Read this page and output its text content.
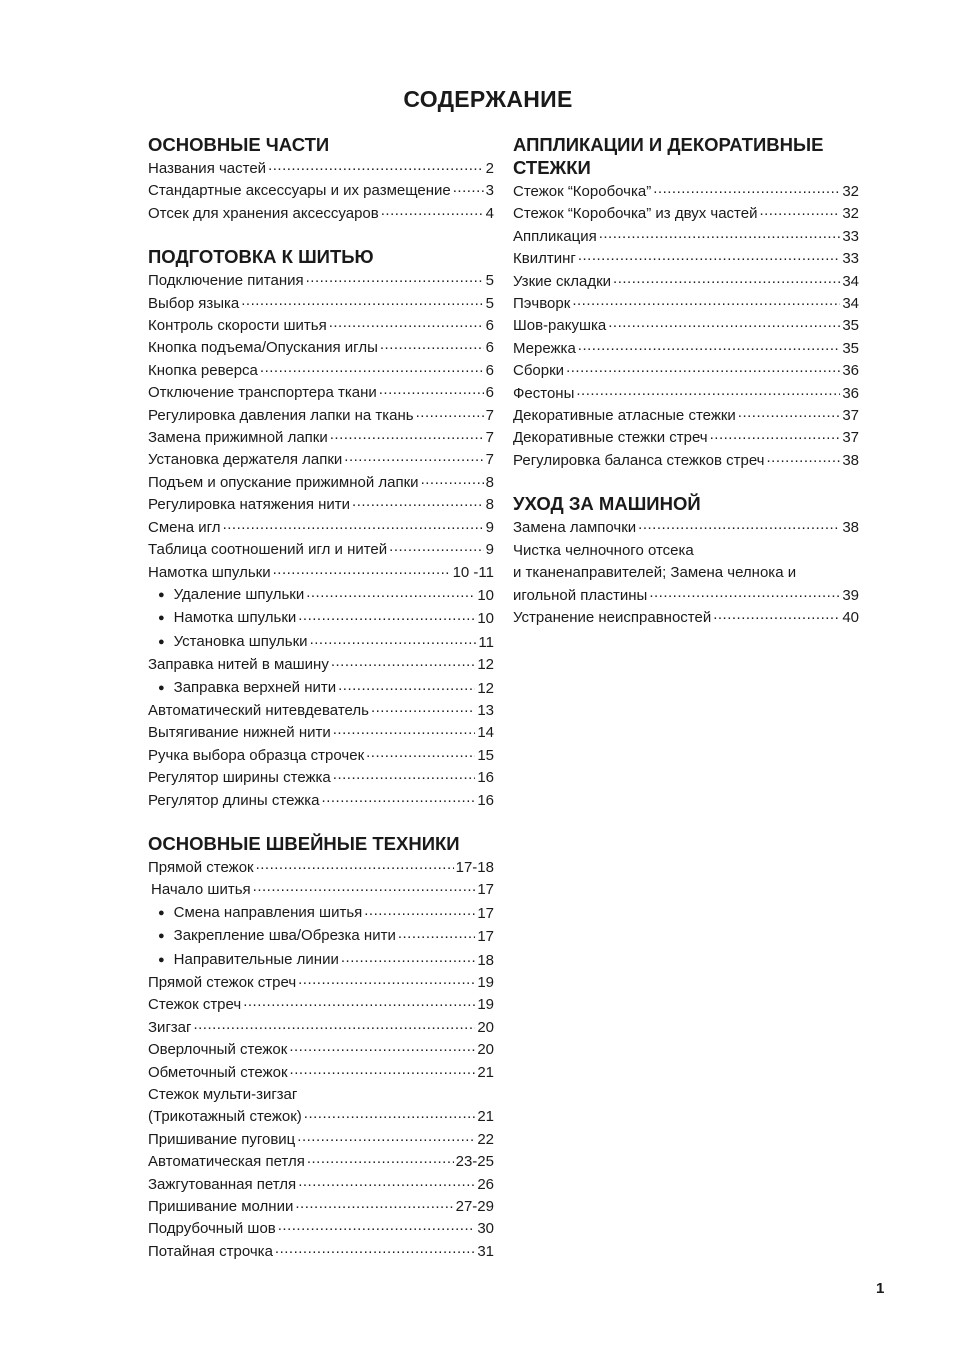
СОДЕРЖАНИЕ
ОСНОВНЫЕ ЧАСТИ
Названия частей .....	2
Стандартные аксессуары и их размещение ..... 3
Отсек для хранения аксессуаров .....	4
ПОДГОТОВКА К ШИТЬЮ
Подключение питания .....	5
Выбор языка .....	5
Контроль скорости шитья .....	6
Кнопка подъема/Опускания иглы .....	6
Кнопка реверса .....	6
Отключение транспортера ткани .....	6
Регулировка давления лапки на ткань .....	7
Замена прижимной лапки .....	7
Установка держателя лапки .....	7
Подъем и опускание прижимной лапки .....	8
Регулировка натяжения нити .....	8
Смена игл .....	9
Таблица соотношений игл и нитей .....	9
Намотка шпульки .....	10 -11
● Удаление шпульки .....	10
● Намотка шпульки .....	10
● Установка шпульки .....	11
Заправка нитей в машину .....	12
● Заправка верхней нити .....	12
Автоматический нитевдеватель .....	13
Вытягивание нижней нити .....	14
Ручка выбора образца строчек .....	15
Регулятор ширины стежка .....	16
Регулятор длины стежка .....	16
ОСНОВНЫЕ ШВЕЙНЫЕ ТЕХНИКИ
Прямой стежок .....	17-18
Начало шитья .....	17
● Смена направления шитья .....	17
● Закрепление шва/Обрезка нити .....	17
● Направительные линии .....	18
Прямой стежок стреч .....	19
Стежок стреч .....	19
Зигзаг .....	20
Оверлочный стежок .....	20
Обметочный стежок .....	21
Стежок мульти-зигзаг
(Трикотажный стежок) .....	21
Пришивание пуговиц .....	22
Автоматическая петля .....	23-25
Зажгутованная петля .....	26
Пришивание молнии .....	27-29
Подрубочный шов .....	30
Потайная строчка .....	31
АППЛИКАЦИИ И ДЕКОРАТИВНЫЕ СТЕЖКИ
Стежок “Коробочка” .....	32
Стежок “Коробочка” из двух частей .....	32
Аппликация .....	33
Квилтинг .....	33
Узкие складки .....	34
Пэчворк .....	34
Шов-ракушка .....	35
Мережка .....	35
Сборки .....	36
Фестоны .....	36
Декоративные атласные стежки .....	37
Декоративные стежки стреч .....	37
Регулировка баланса стежков стреч .....	38
УХОД ЗА МАШИНОЙ
Замена лампочки .....	38
Чистка челночного отсека
и тканенаправителей; Замена челнока и
игольной пластины .....	39
Устранение неисправностей .....	40
1
